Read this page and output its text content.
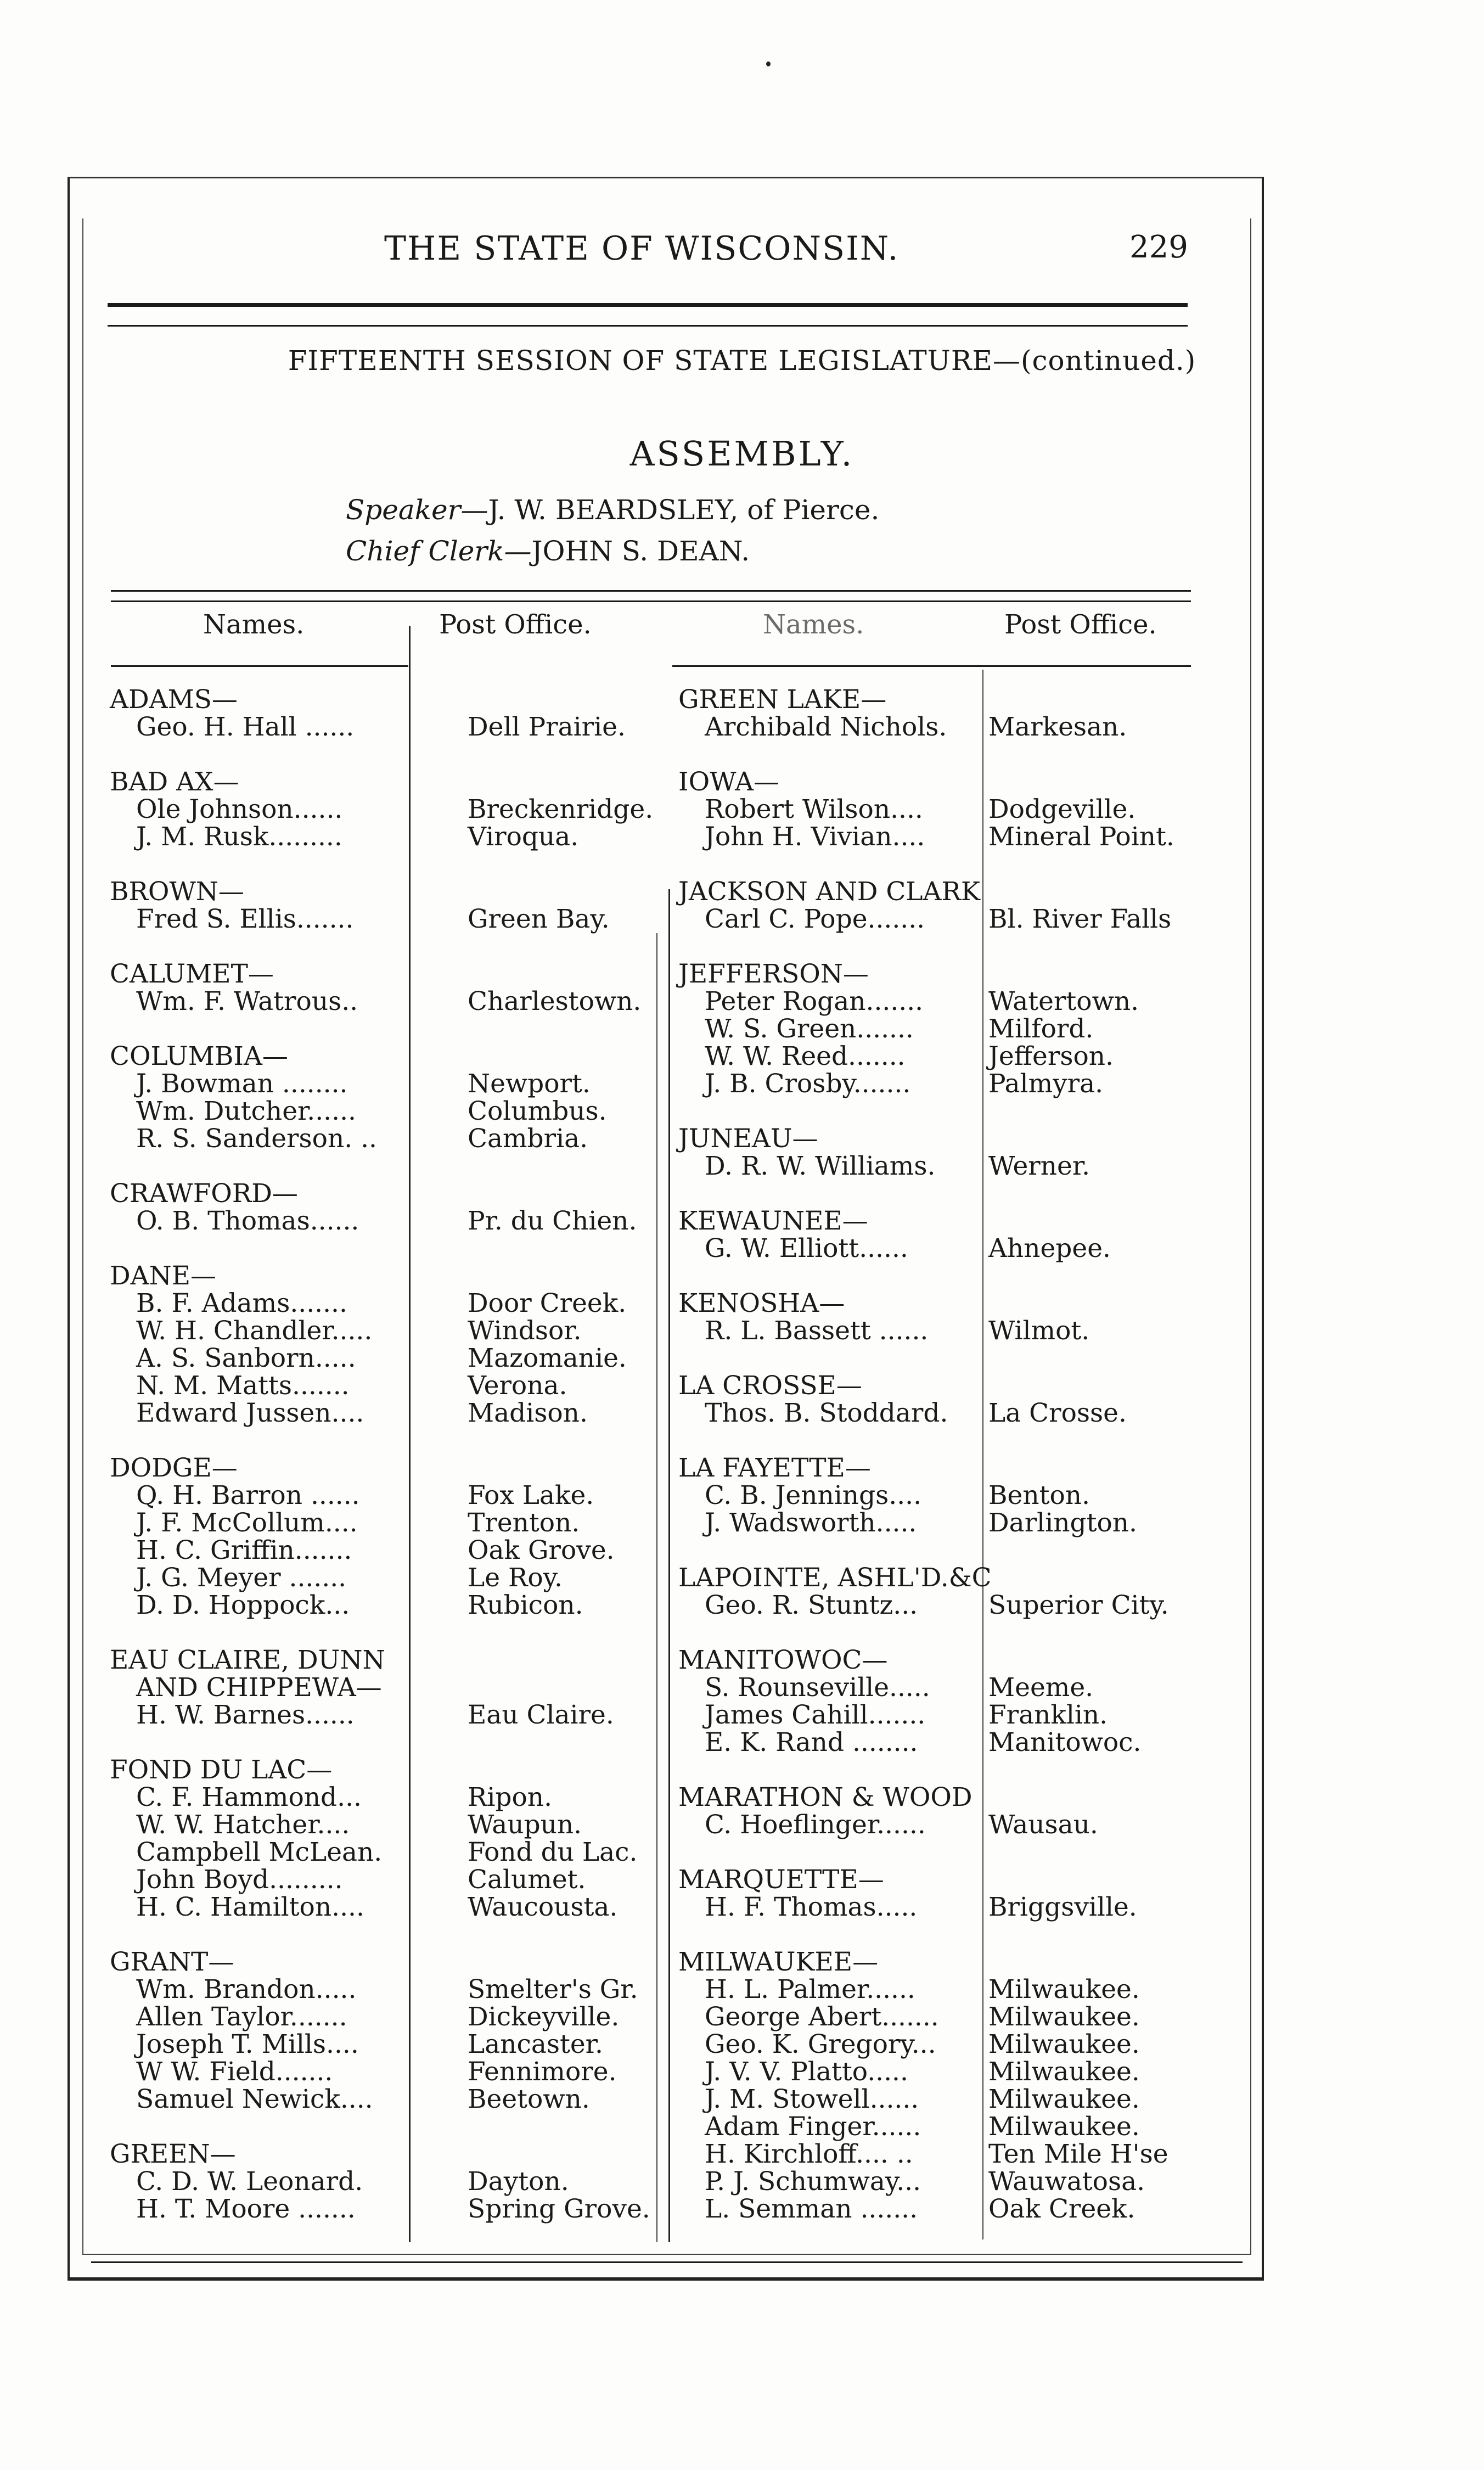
THE STATE OF WISCONSIN.	229
FIFTEENTH SESSION OF STATE LEGISLATURE—(continued.)
ASSEMBLY.
Speaker—J. W. BEARDSLEY, of Pierce.
Chief Clerk—JOHN S. DEAN.
Names.	Post Office.	Names.	Post Office.
ADAMS—
Geo. H. Hall ......	Dell Prairie.
BAD AX—
Ole Johnson......	Breckenridge.
J. M. Rusk.........	Viroqua.
BROWN—
Fred S. Ellis.......	Green Bay.
CALUMET—
Wm. F. Watrous..	Charlestown.
COLUMBIA—
J. Bowman ........	Newport.
Wm. Dutcher......	Columbus.
R. S. Sanderson. ..	Cambria.
CRAWFORD—
O. B. Thomas......	Pr. du Chien.
DANE—
B. F. Adams.......	Door Creek.
W. H. Chandler.....	Windsor.
A. S. Sanborn.....	Mazomanie.
N. M. Matts.......	Verona.
Edward Jussen....	Madison.
DODGE—
Q. H. Barron ......	Fox Lake.
J. F. McCollum....	Trenton.
H. C. Griffin.......	Oak Grove.
J. G. Meyer .......	Le Roy.
D. D. Hoppock...	Rubicon.
EAU CLAIRE, DUNN
AND CHIPPEWA—
H. W. Barnes......	Eau Claire.
FOND DU LAC—
C. F. Hammond...	Ripon.
W. W. Hatcher....	Waupun.
Campbell McLean.	Fond du Lac.
John Boyd.........	Calumet.
H. C. Hamilton....	Waucousta.
GRANT—
Wm. Brandon.....	Smelter's Gr.
Allen Taylor.......	Dickeyville.
Joseph T. Mills....	Lancaster.
W W. Field.......	Fennimore.
Samuel Newick....	Beetown.
GREEN—
C. D. W. Leonard.	Dayton.
H. T. Moore .......	Spring Grove.
GREEN LAKE—
Archibald Nichols. Markesan.
IOWA—
Robert Wilson....	Dodgeville.
John H. Vivian.... Mineral Point.
JACKSON AND CLARK
Carl C. Pope....... Bl. River Falls
JEFFERSON—
Peter Rogan.......	Watertown.
W. S. Green.......	Milford.
W. W. Reed.......	Jefferson.
J. B. Crosby.......	Palmyra.
JUNEAU—
D. R. W. Williams. Werner.
KEWAUNEE—
G. W. Elliott......	Ahnepee.
KENOSHA—
R. L. Bassett ...... Wilmot.
LA CROSSE—
Thos. B. Stoddard. La Crosse.
LA FAYETTE—
C. B. Jennings....	Benton.
J. Wadsworth.....	Darlington.
LAPOINTE, ASHL'D.&C
Geo. R. Stuntz...	Superior City.
MANITOWOC—
S. Rounseville..... Meeme.
James Cahill....... Franklin.
E. K. Rand ........	Manitowoc.
MARATHON & WOOD
C. Hoeflinger...... Wausau.
MARQUETTE—
H. F. Thomas.....	Briggsville.
MILWAUKEE—
H. L. Palmer......	Milwaukee.
George Abert....... Milwaukee.
Geo. K. Gregory... Milwaukee.
J. V. V. Platto.....	Milwaukee.
J. M. Stowell......	Milwaukee.
Adam Finger......	Milwaukee.
H. Kirchloff.... ..	Ten Mile H'se
P. J. Schumway...	Wauwatosa.
L. Semman .......	Oak Creek.
